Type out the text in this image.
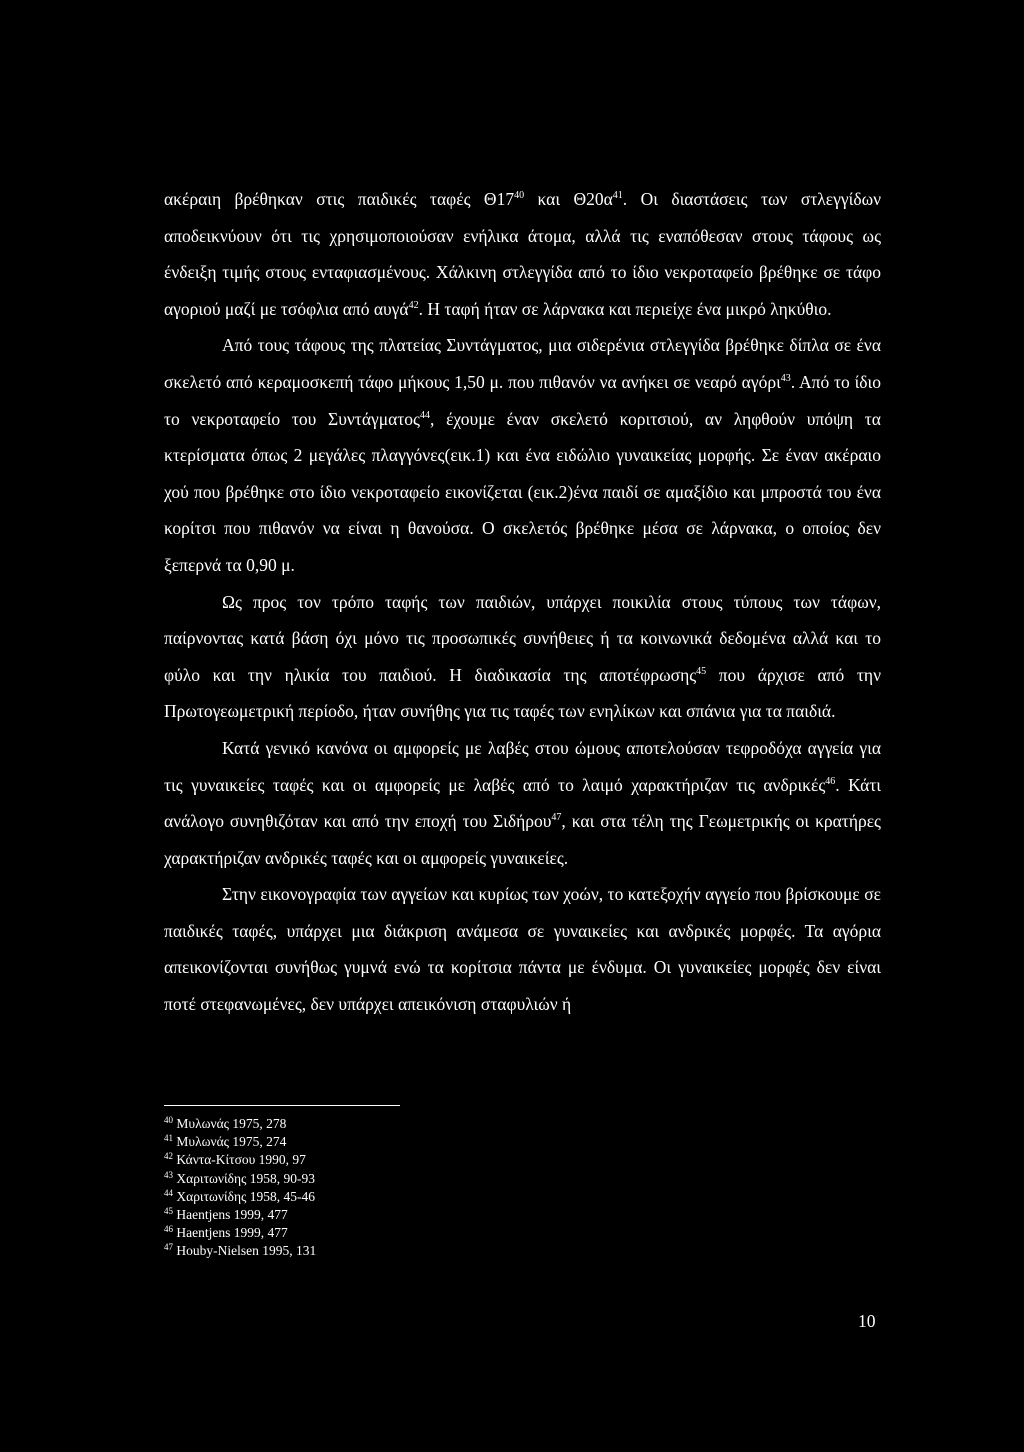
ακέραιη βρέθηκαν στις παιδικές ταφές $\Theta 17^{40}$ και $\Theta 20\alpha^{41}$. Οι διαστάσεις των στλεγγίδων αποδεικνύουν ότι τις χρησιμοποιούσαν ενήλικα άτομα, αλλά τις εναπόθεσαν στους τάφους ως ένδειξη τιμής στους ενταφιασμένους. Χάλκινη στλεγγίδα από το ίδιο νεκροταφείο βρέθηκε σε τάφο αγοριού μαζί με τσόφλια από αυγά$^{42}$. Η ταφή ήταν σε λάρνακα και περιείχε ένα μικρό ληκύθιο.

Από τους τάφους της πλατείας Συντάγματος, μια σιδερένια στλεγγίδα βρέθηκε δίπλα σε ένα σκελετό από κεραμοσκεπή τάφο μήκους 1,50 μ. που πιθανόν να ανήκει σε νεαρό αγόρι$^{43}$. Από το ίδιο το νεκροταφείο του Συντάγματος$^{44}$, έχουμε έναν σκελετό κοριτσιού, αν ληφθούν υπόψη τα κτερίσματα όπως 2 μεγάλες πλαγγόνες(εικ.1) και ένα ειδώλιο γυναικείας μορφής. Σε έναν ακέραιο χού που βρέθηκε στο ίδιο νεκροταφείο εικονίζεται (εικ.2)ένα παιδί σε αμαξίδιο και μπροστά του ένα κορίτσι που πιθανόν να είναι η θανούσα. Ο σκελετός βρέθηκε μέσα σε λάρνακα, ο οποίος δεν ξεπερνά τα 0,90 μ.

Ως προς τον τρόπο ταφής των παιδιών, υπάρχει ποικιλία στους τύπους των τάφων, παίρνοντας κατά βάση όχι μόνο τις προσωπικές συνήθειες ή τα κοινωνικά δεδομένα αλλά και το φύλο και την ηλικία του παιδιού. Η διαδικασία της αποτέφρωσης$^{45}$ που άρχισε από την Πρωτογεωμετρική περίοδο, ήταν συνήθης για τις ταφές των ενηλίκων και σπάνια για τα παιδιά.

Κατά γενικό κανόνα οι αμφορείς με λαβές στου ώμους αποτελούσαν τεφροδόχα αγγεία για τις γυναικείες ταφές και οι αμφορείς με λαβές από το λαιμό χαρακτήριζαν τις ανδρικές$^{46}$. Κάτι ανάλογο συνηθιζόταν και από την εποχή του Σιδήρου$^{47}$, και στα τέλη της Γεωμετρικής οι κρατήρες χαρακτήριζαν ανδρικές ταφές και οι αμφορείς γυναικείες.

Στην εικονογραφία των αγγείων και κυρίως των χοών, το κατεξοχήν αγγείο που βρίσκουμε σε παιδικές ταφές, υπάρχει μια διάκριση ανάμεσα σε γυναικείες και ανδρικές μορφές. Τα αγόρια απεικονίζονται συνήθως γυμνά ενώ τα κορίτσια πάντα με ένδυμα. Οι γυναικείες μορφές δεν είναι ποτέ στεφανωμένες, δεν υπάρχει απεικόνιση σταφυλιών ή

$^{40}$ Μυλωνάς 1975, 278
$^{41}$ Μυλωνάς 1975, 274
$^{42}$ Κάντα-Κίτσου 1990, 97
$^{43}$ Χαριτωνίδης 1958, 90-93
$^{44}$ Χαριτωνίδης 1958, 45-46
$^{45}$ Haentjens 1999, 477
$^{46}$ Haentjens 1999, 477
$^{47}$ Houby-Nielsen 1995, 131
10
